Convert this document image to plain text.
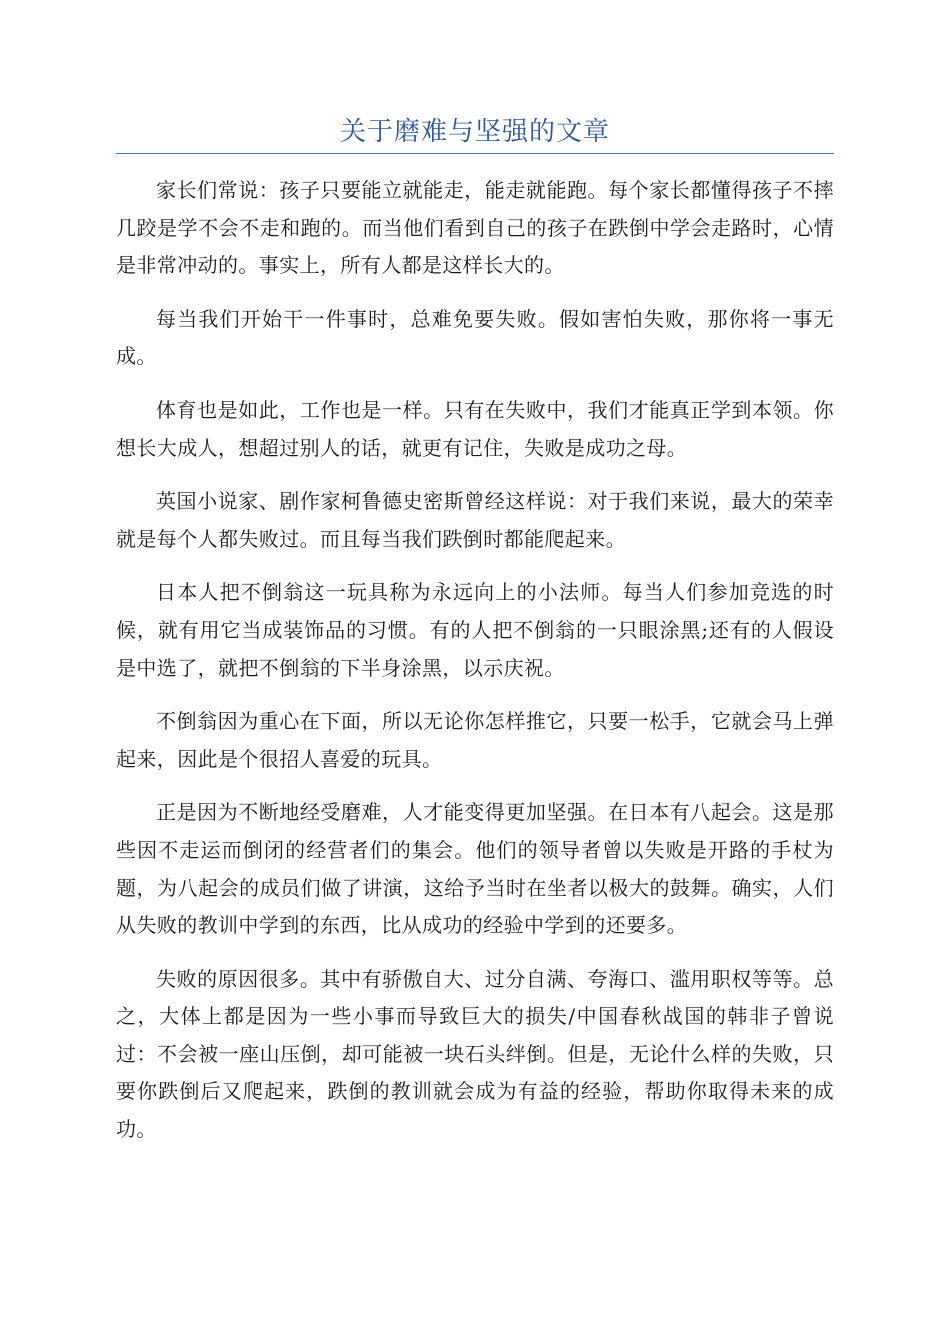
关于磨难与坚强的文章

家长们常说：孩子只要能立就能走，能走就能跑。每个家长都懂得孩子不摔几跤是学不会不走和跑的。而当他们看到自己的孩子在跌倒中学会走路时，心情是非常冲动的。事实上，所有人都是这样长大的。

每当我们开始干一件事时，总难免要失败。假如害怕失败，那你将一事无成。

体育也是如此，工作也是一样。只有在失败中，我们才能真正学到本领。你想长大成人，想超过别人的话，就更有记住，失败是成功之母。

英国小说家、剧作家柯鲁德史密斯曾经这样说：对于我们来说，最大的荣幸就是每个人都失败过。而且每当我们跌倒时都能爬起来。

日本人把不倒翁这一玩具称为永远向上的小法师。每当人们参加竞选的时候，就有用它当成装饰品的习惯。有的人把不倒翁的一只眼涂黑;还有的人假设是中选了，就把不倒翁的下半身涂黑，以示庆祝。

不倒翁因为重心在下面，所以无论你怎样推它，只要一松手，它就会马上弹起来，因此是个很招人喜爱的玩具。

正是因为不断地经受磨难，人才能变得更加坚强。在日本有八起会。这是那些因不走运而倒闭的经营者们的集会。他们的领导者曾以失败是开路的手杖为题，为八起会的成员们做了讲演，这给予当时在坐者以极大的鼓舞。确实，人们从失败的教训中学到的东西，比从成功的经验中学到的还要多。

失败的原因很多。其中有骄傲自大、过分自满、夸海口、滥用职权等等。总之，大体上都是因为一些小事而导致巨大的损失/中国春秋战国的韩非子曾说过：不会被一座山压倒，却可能被一块石头绊倒。但是，无论什么样的失败，只要你跌倒后又爬起来，跌倒的教训就会成为有益的经验，帮助你取得未来的成功。
